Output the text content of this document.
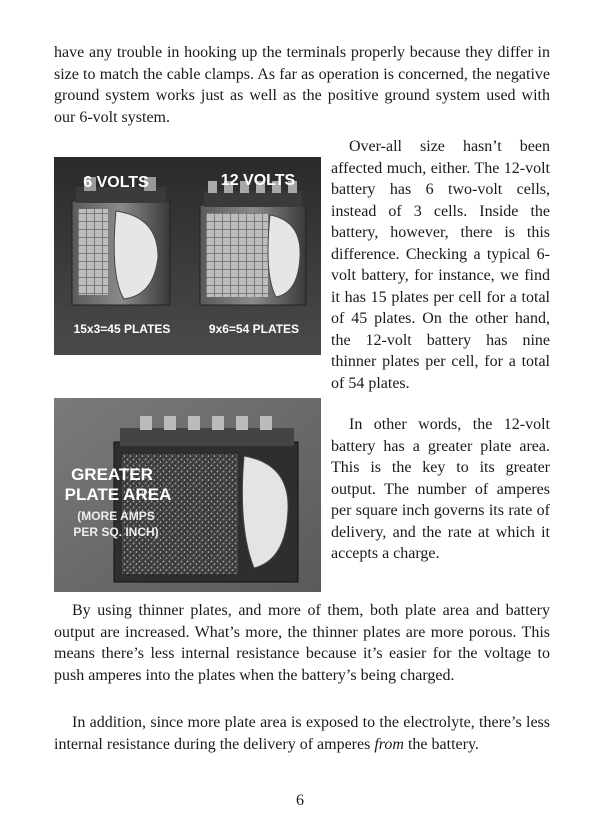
have any trouble in hooking up the terminals properly because they differ in size to match the cable clamps. As far as operation is concerned, the negative ground system works just as well as the positive ground system used with our 6-volt system.

6 VOLTS	12 VOLTS
15x3=45 PLATES	9x6=54 PLATES

Over-all size hasn’t been affected much, either. The 12-volt battery has 6 two-volt cells, instead of 3 cells. Inside the battery, however, there is this difference. Checking a typical 6-volt battery, for instance, we find it has 15 plates per cell for a total of 45 plates. On the other hand, the 12-volt battery has nine thinner plates per cell, for a total of 54 plates.

GREATER
PLATE AREA
(MORE AMPS
PER SQ. INCH)

In other words, the 12-volt battery has a greater plate area. This is the key to its greater output. The number of amperes per square inch governs its rate of delivery, and the rate at which it accepts a charge.

By using thinner plates, and more of them, both plate area and battery output are increased. What’s more, the thinner plates are more porous. This means there’s less internal resistance because it’s easier for the voltage to push amperes into the plates when the battery’s being charged.

In addition, since more plate area is exposed to the electrolyte, there’s less internal resistance during the delivery of amperes from the battery.

6
